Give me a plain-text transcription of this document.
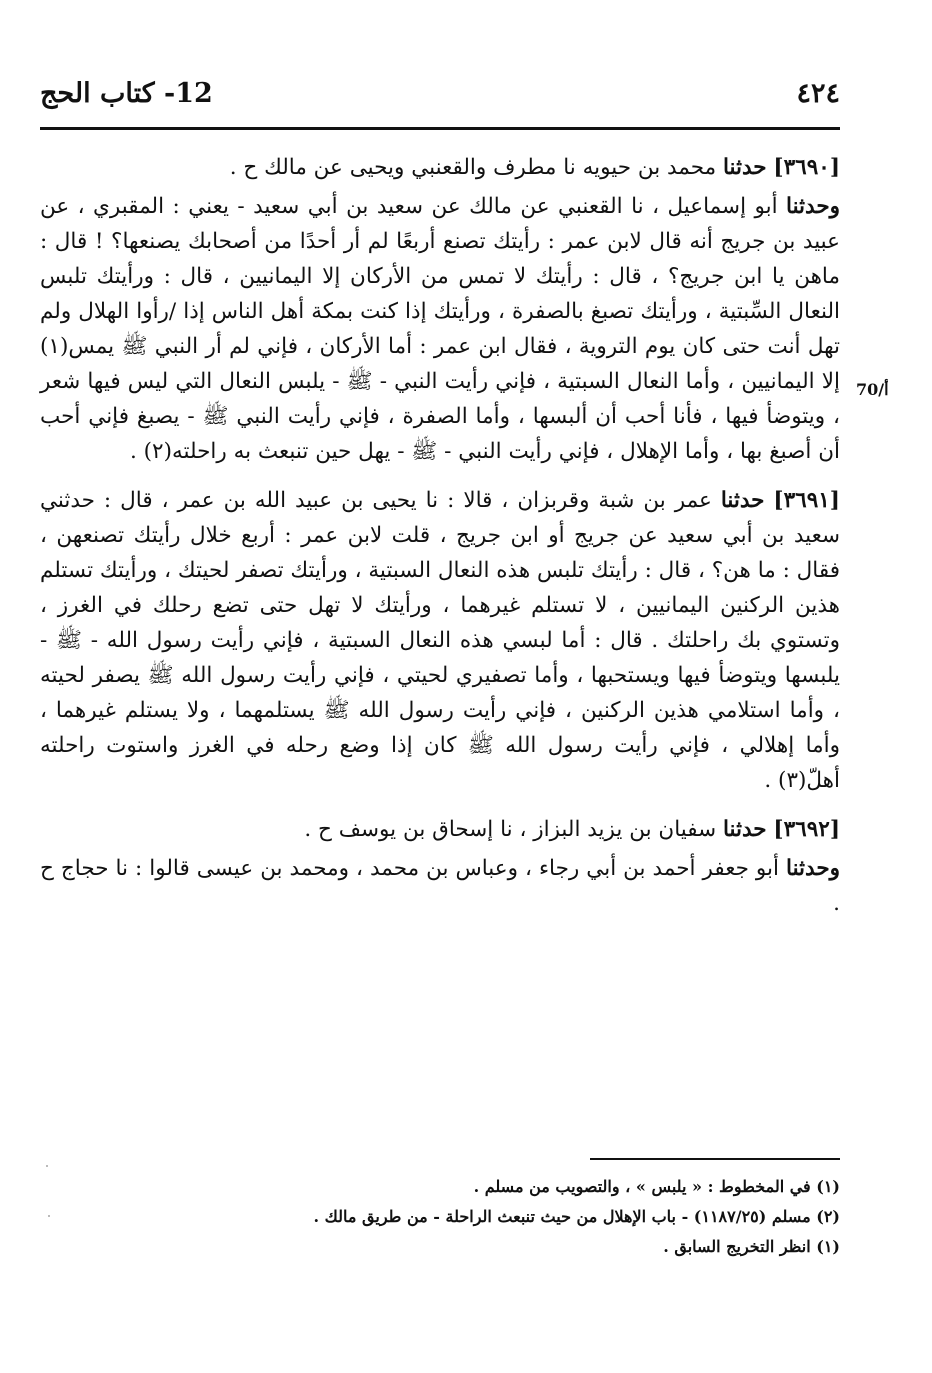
٤٢٤
12- كتاب الحج
70/أ

[٣٦٩٠] حدثنا محمد بن حيويه نا مطرف والقعنبي ويحيى عن مالك ح .

وحدثنا أبو إسماعيل ، نا القعنبي عن مالك عن سعيد بن أبي سعيد - يعني : المقبري ، عن عبيد بن جريج أنه قال لابن عمر : رأيتك تصنع أربعًا لم أر أحدًا من أصحابك يصنعها؟ ! قال : ماهن يا ابن جريج؟ ، قال : رأيتك لا تمس من الأركان إلا اليمانيين ، قال : ورأيتك تلبس النعال السِّبتية ، ورأيتك تصبغ بالصفرة ، ورأيتك إذا كنت بمكة أهل الناس إذا /رأوا الهلال ولم تهل أنت حتى كان يوم التروية ، فقال ابن عمر : أما الأركان ، فإني لم أر النبي ﷺ يمس(١) إلا اليمانيين ، وأما النعال السبتية ، فإني رأيت النبي - ﷺ - يلبس النعال التي ليس فيها شعر ، ويتوضأ فيها ، فأنا أحب أن ألبسها ، وأما الصفرة ، فإني رأيت النبي ﷺ - يصبغ فإني أحب أن أصبغ بها ، وأما الإهلال ، فإني رأيت النبي - ﷺ - يهل حين تنبعث به راحلته(٢) .

[٣٦٩١] حدثنا عمر بن شبة وقربزان ، قالا : نا يحيى بن عبيد الله بن عمر ، قال : حدثني سعيد بن أبي سعيد عن جريج أو ابن جريج ، قلت لابن عمر : أربع خلال رأيتك تصنعهن ، فقال : ما هن؟ ، قال : رأيتك تلبس هذه النعال السبتية ، ورأيتك تصفر لحيتك ، ورأيتك تستلم هذين الركنين اليمانيين ، لا تستلم غيرهما ، ورأيتك لا تهل حتى تضع رحلك في الغرز ، وتستوي بك راحلتك . قال : أما لبسي هذه النعال السبتية ، فإني رأيت رسول الله - ﷺ - يلبسها ويتوضأ فيها ويستحبها ، وأما تصفيري لحيتي ، فإني رأيت رسول الله ﷺ يصفر لحيته ، وأما استلامي هذين الركنين ، فإني رأيت رسول الله ﷺ يستلمهما ، ولا يستلم غيرهما ، وأما إهلالي ، فإني رأيت رسول الله ﷺ كان إذا وضع رحله في الغرز واستوت راحلته أهلّ(٣) .

[٣٦٩٢] حدثنا سفيان بن يزيد البزاز ، نا إسحاق بن يوسف ح .

وحدثنا أبو جعفر أحمد بن أبي رجاء ، وعباس بن محمد ، ومحمد بن عيسى قالوا : نا حجاج ح .

(١) في المخطوط : « يلبس » ، والتصويب من مسلم .

(٢) مسلم (١١٨٧/٢٥) - باب الإهلال من حيث تنبعث الراحلة - من طريق مالك .

(١) انظر التخريج السابق .
